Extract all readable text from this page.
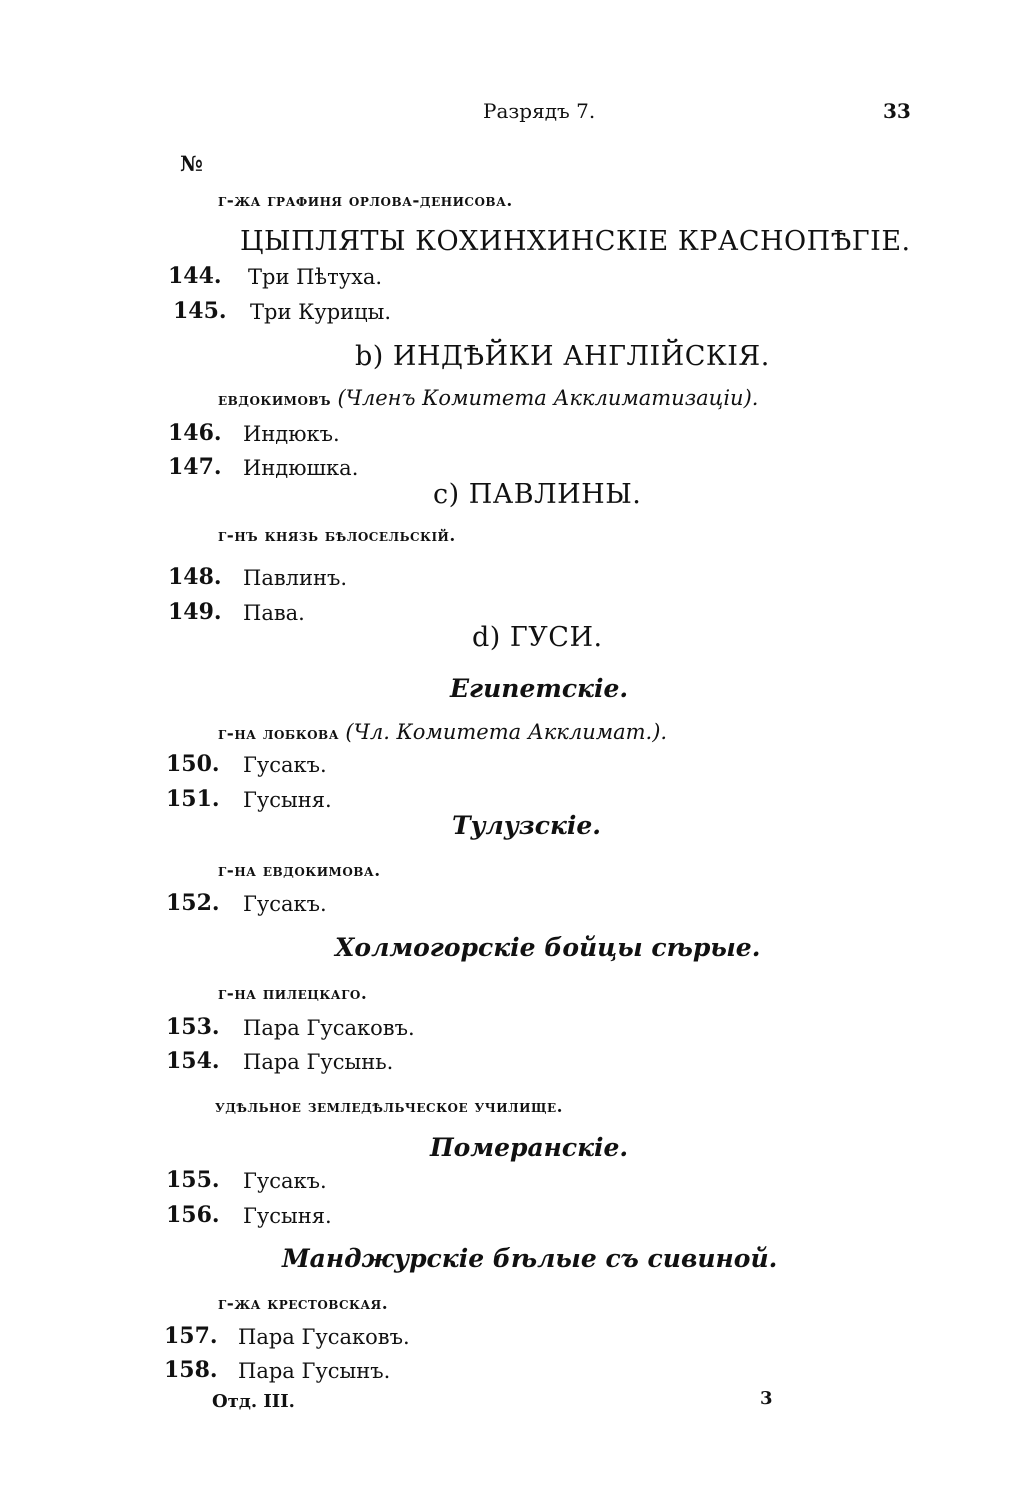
Разрядъ 7.	33
№
г-жа графиня орлова-денисова.
ЦЫПЛЯТЫ КОХИНХИНСКІЕ КРАСНОПѢГІЕ.
144. Три Пѣтуха.
145. Три Курицы.
b) ИНДѢЙКИ АНГЛІЙСКІЯ.
евдокимовъ (Членъ Комитета Акклиматизаціи).
146. Индюкъ.
147. Индюшка.
c) ПАВЛИНЫ.
г-нъ князь бѣлосельскій.
148. Павлинъ.
149. Пава.
d) ГУСИ.
Египетскіе.
г-на лобкова (Чл. Комитета Акклимат.).
150. Гусакъ.
151. Гусыня.
Тулузскіе.
г-на евдокимова.
152. Гусакъ.
Холмогорскіе бойцы сѣрые.
г-на пилецкаго.
153. Пара Гусаковъ.
154. Пара Гусынь.
удѣльное земледѣльческое училище.
Померанскіе.
155. Гусакъ.
156. Гусыня.
Манджурскіе бѣлые съ сивиной.
г-жа крестовская.
157. Пара Гусаковъ.
158. Пара Гусынъ.
Отд. III.	3
